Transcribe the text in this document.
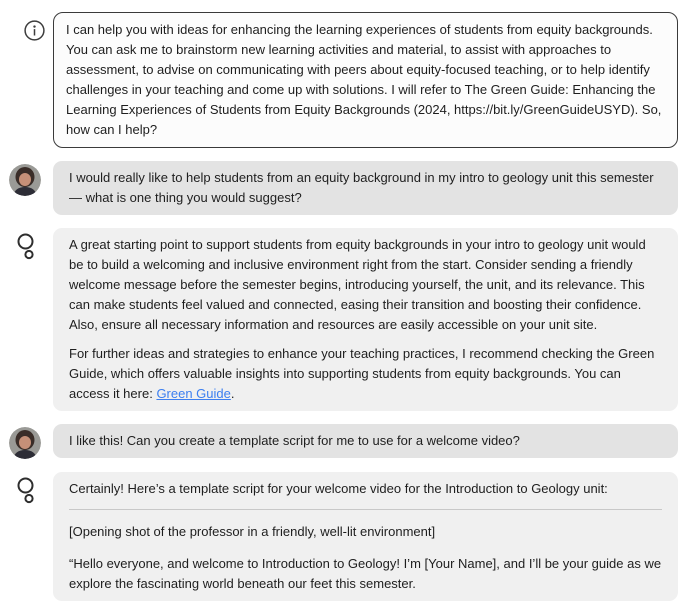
I can help you with ideas for enhancing the learning experiences of students from equity backgrounds. You can ask me to brainstorm new learning activities and material, to assist with approaches to assessment, to advise on communicating with peers about equity-focused teaching, or to help identify challenges in your teaching and come up with solutions. I will refer to The Green Guide: Enhancing the Learning Experiences of Students from Equity Backgrounds (2024, https://bit.ly/GreenGuideUSYD). So, how can I help?

I would really like to help students from an equity background in my intro to geology unit this semester — what is one thing you would suggest?

A great starting point to support students from equity backgrounds in your intro to geology unit would be to build a welcoming and inclusive environment right from the start. Consider sending a friendly welcome message before the semester begins, introducing yourself, the unit, and its relevance. This can make students feel valued and connected, easing their transition and boosting their confidence. Also, ensure all necessary information and resources are easily accessible on your unit site.

For further ideas and strategies to enhance your teaching practices, I recommend checking the Green Guide, which offers valuable insights into supporting students from equity backgrounds. You can access it here: Green Guide.

I like this! Can you create a template script for me to use for a welcome video?

Certainly! Here’s a template script for your welcome video for the Introduction to Geology unit:

[Opening shot of the professor in a friendly, well-lit environment]

“Hello everyone, and welcome to Introduction to Geology! I’m [Your Name], and I’ll be your guide as we explore the fascinating world beneath our feet this semester.
